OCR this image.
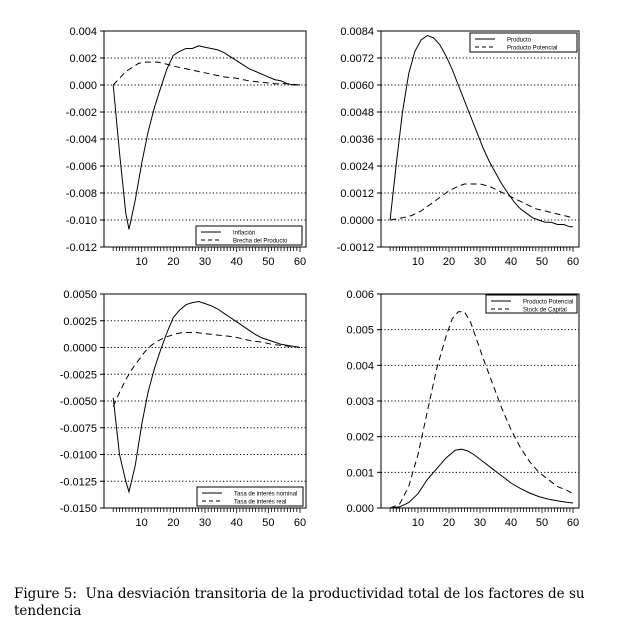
0.004
0.002
0.000
-0.002
-0.004
-0.006
-0.008
-0.010
-0.012
10 20 30 40 50 60
Inflación
Brecha del Producto
0.0084
0.0072
0.0060
0.0048
0.0036
0.0024
0.0012
0.0000
-0.0012
10 20 30 40 50 60
Producto
Producto Potencial
0.0050
0.0025
0.0000
-0.0025
-0.0050
-0.0075
-0.0100
-0.0125
-0.0150
10 20 30 40 50 60
Tasa de interés nominal
Tasa de interés real
0.006
0.005
0.004
0.003
0.002
0.001
0.000
10 20 30 40 50 60
Producto Potencial
Stock de Capital
Figure 5: Una desviación transitoria de la productividad total de los factores de su tendencia
